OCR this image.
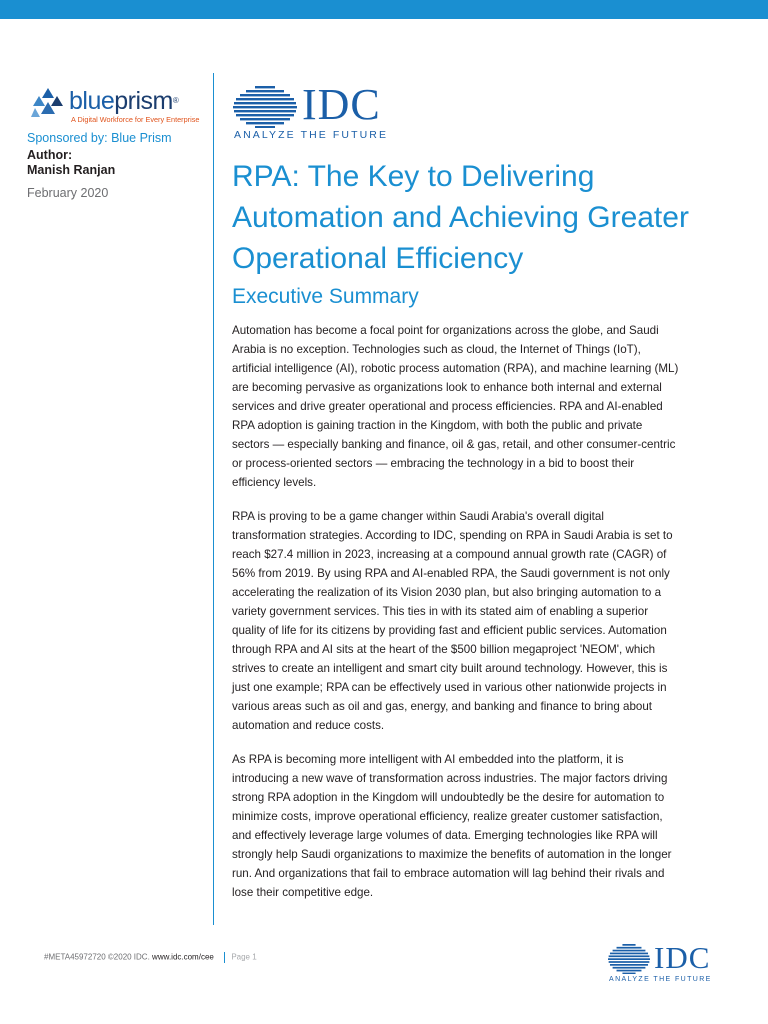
blueprism®
A Digital Workforce for Every Enterprise
Sponsored by: Blue Prism
Author:
Manish Ranjan
February 2020
IDC
ANALYZE THE FUTURE
RPA: The Key to Delivering Automation and Achieving Greater Operational Efficiency
Executive Summary

Automation has become a focal point for organizations across the globe, and Saudi Arabia is no exception. Technologies such as cloud, the Internet of Things (IoT), artificial intelligence (AI), robotic process automation (RPA), and machine learning (ML) are becoming pervasive as organizations look to enhance both internal and external services and drive greater operational and process efficiencies. RPA and AI-enabled RPA adoption is gaining traction in the Kingdom, with both the public and private sectors — especially banking and finance, oil & gas, retail, and other consumer-centric or process-oriented sectors — embracing the technology in a bid to boost their efficiency levels.

RPA is proving to be a game changer within Saudi Arabia's overall digital transformation strategies. According to IDC, spending on RPA in Saudi Arabia is set to reach $27.4 million in 2023, increasing at a compound annual growth rate (CAGR) of 56% from 2019. By using RPA and AI-enabled RPA, the Saudi government is not only accelerating the realization of its Vision 2030 plan, but also bringing automation to a variety government services. This ties in with its stated aim of enabling a superior quality of life for its citizens by providing fast and efficient public services. Automation through RPA and AI sits at the heart of the $500 billion megaproject 'NEOM', which strives to create an intelligent and smart city built around technology. However, this is just one example; RPA can be effectively used in various other nationwide projects in various areas such as oil and gas, energy, and banking and finance to bring about automation and reduce costs.

As RPA is becoming more intelligent with AI embedded into the platform, it is introducing a new wave of transformation across industries. The major factors driving strong RPA adoption in the Kingdom will undoubtedly be the desire for automation to minimize costs, improve operational efficiency, realize greater customer satisfaction, and effectively leverage large volumes of data. Emerging technologies like RPA will strongly help Saudi organizations to maximize the benefits of automation in the longer run. And organizations that fail to embrace automation will lag behind their rivals and lose their competitive edge.

#META45972720 ©2020 IDC. www.idc.com/cee Page 1	IDC
ANALYZE THE FUTURE
